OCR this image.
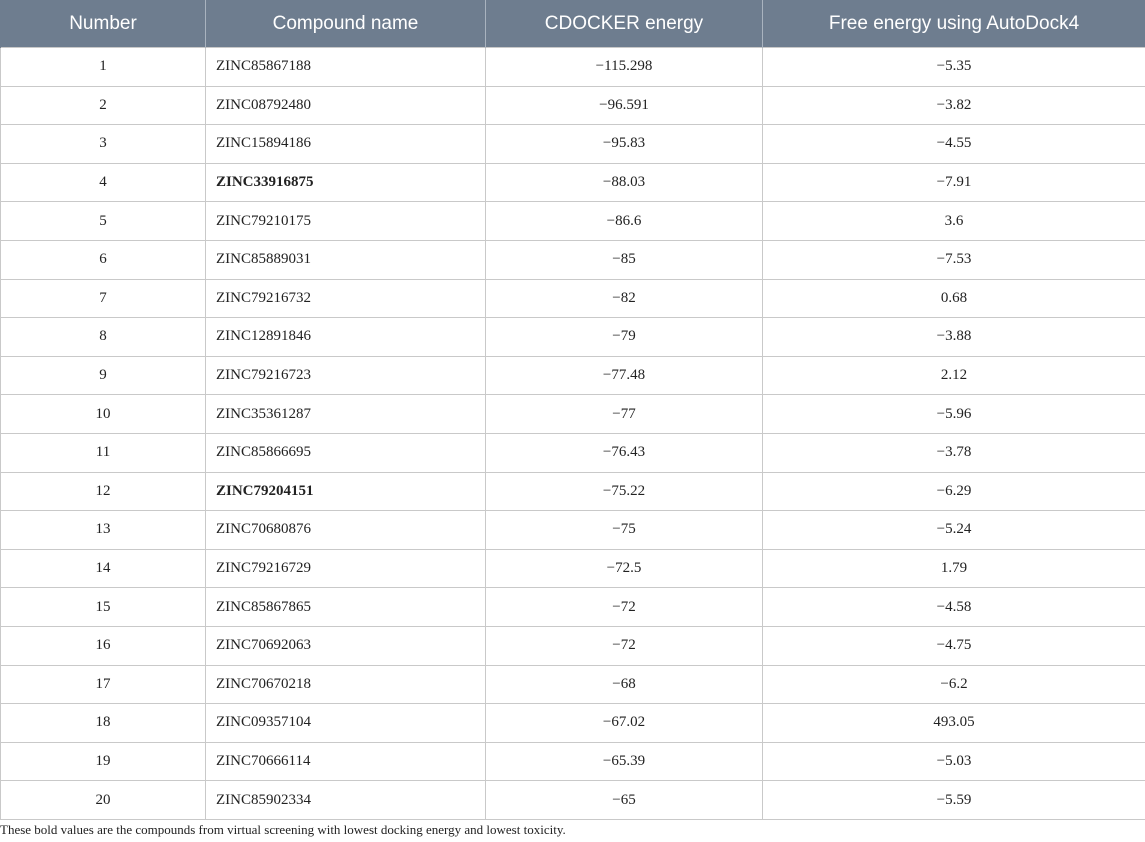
Number	Compound name	CDOCKER energy	Free energy using AutoDock4
1	ZINC85867188	−115.298	−5.35
2	ZINC08792480	−96.591	−3.82
3	ZINC15894186	−95.83	−4.55
4	ZINC33916875	−88.03	−7.91
5	ZINC79210175	−86.6	3.6
6	ZINC85889031	−85	−7.53
7	ZINC79216732	−82	0.68
8	ZINC12891846	−79	−3.88
9	ZINC79216723	−77.48	2.12
10	ZINC35361287	−77	−5.96
11	ZINC85866695	−76.43	−3.78
12	ZINC79204151	−75.22	−6.29
13	ZINC70680876	−75	−5.24
14	ZINC79216729	−72.5	1.79
15	ZINC85867865	−72	−4.58
16	ZINC70692063	−72	−4.75
17	ZINC70670218	−68	−6.2
18	ZINC09357104	−67.02	493.05
19	ZINC70666114	−65.39	−5.03
20	ZINC85902334	−65	−5.59

These bold values are the compounds from virtual screening with lowest docking energy and lowest toxicity.
